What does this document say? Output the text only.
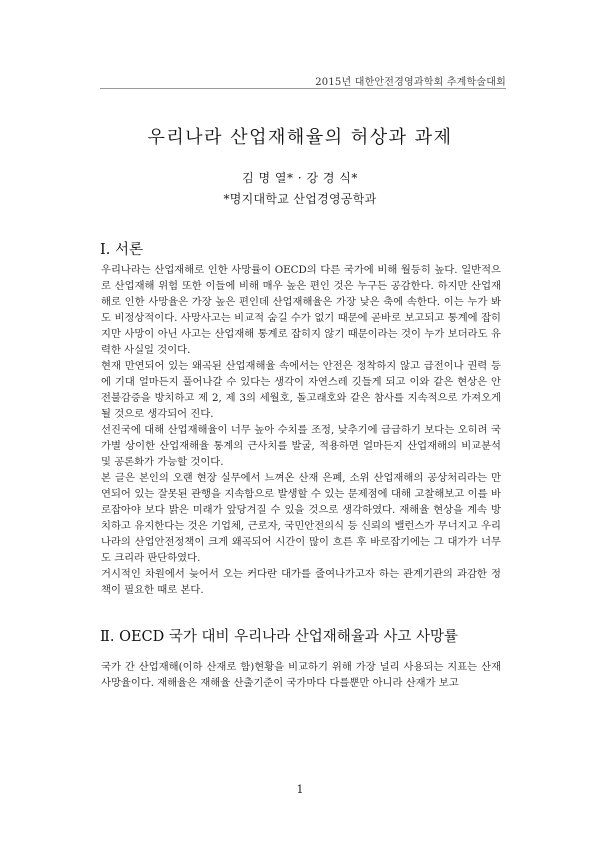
2015년 대한안전경영과학회 추계학술대회
우리나라 산업재해율의 허상과 과제
김 명 열* · 강 경 식*
*명지대학교 산업경영공학과
Ⅰ. 서론

우리나라는 산업재해로 인한 사망률이 OECD의 다른 국가에 비해 월등히 높다. 일반적으로 산업재해 위험 또한 이들에 비해 매우 높은 편인 것은 누구든 공감한다. 하지만 산업재해로 인한 사망율은 가장 높은 편인데 산업재해율은 가장 낮은 축에 속한다. 이는 누가 봐도 비정상적이다. 사망사고는 비교적 숨길 수가 없기 때문에 곧바로 보고되고 통계에 잡히지만 사망이 아닌 사고는 산업재해 통계로 잡히지 않기 때문이라는 것이 누가 보더라도 유력한 사실일 것이다.

현재 만연되어 있는 왜곡된 산업재해율 속에서는 안전은 정착하지 않고 급전이나 권력 등에 기대 얼마든지 풀어나갈 수 있다는 생각이 자연스레 깃들게 되고 이와 같은 현상은 안전불감증을 방치하고 제 2, 제 3의 세월호, 돌고래호와 같은 참사를 지속적으로 가져오게 될 것으로 생각되어 진다.

선진국에 대해 산업재해율이 너무 높아 수치를 조정, 낮추기에 급급하기 보다는 오히려 국가별 상이한 산업재해율 통계의 근사치를 발굴, 적용하면 얼마든지 산업재해의 비교분석 및 공론화가 가능할 것이다.

본 글은 본인의 오랜 현장 실무에서 느껴온 산재 은폐, 소위 산업재해의 공상처리라는 만연되어 있는 잘못된 관행을 지속함으로 발생할 수 있는 문제점에 대해 고찰해보고 이를 바로잡아야 보다 밝은 미래가 앞당겨질 수 있을 것으로 생각하였다. 재해율 현상을 계속 방치하고 유지한다는 것은 기업체, 근로자, 국민안전의식 등 신뢰의 밸런스가 무너지고 우리나라의 산업안전정책이 크게 왜곡되어 시간이 많이 흐른 후 바로잡기에는 그 대가가 너무도 크리라 판단하였다.

거시적인 차원에서 늦어서 오는 커다란 대가를 줄여나가고자 하는 관계기관의 과감한 정책이 필요한 때로 본다.

Ⅱ. OECD 국가 대비 우리나라 산업재해율과 사고 사망률

국가 간 산업재해(이하 산재로 함)현황을 비교하기 위해 가장 널리 사용되는 지표는 산재사망율이다. 재해율은 재해율 산출기준이 국가마다 다를뿐만 아니라 산재가 보고

1
